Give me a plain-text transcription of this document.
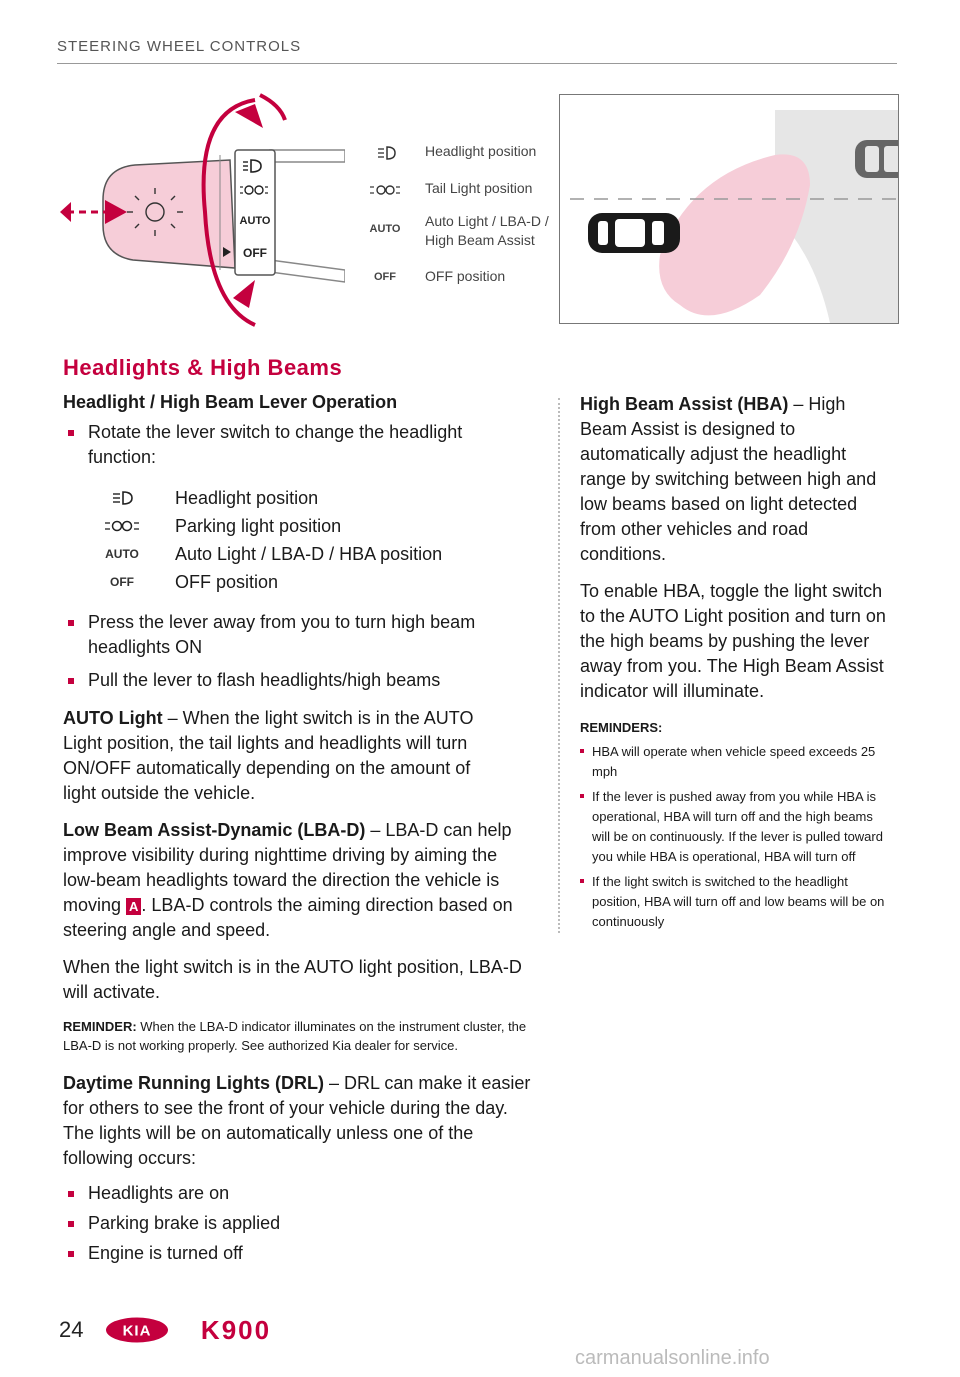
STEERING WHEEL CONTROLS
AUTO
OFF
Headlight position
Tail Light position
AUTO	Auto Light / LBA-D /
High Beam Assist
OFF	OFF position
Headlights & High Beams

Headlight / High Beam Lever Operation

Rotate the lever switch to change the headlight function:

Headlight position
Parking light position
AUTO	Auto Light / LBA-D / HBA position
OFF	OFF position

Press the lever away from you to turn high beam headlights ON

Pull the lever to flash headlights/high beams

AUTO Light – When the light switch is in the AUTO Light position, the tail lights and headlights will turn ON/OFF automatically depending on the amount of light outside the vehicle.

Low Beam Assist-Dynamic (LBA-D) – LBA-D can help improve visibility during nighttime driving by aiming the low-beam headlights toward the direction the vehicle is moving A . LBA-D controls the aiming direction based on steering angle and speed.

When the light switch is in the AUTO light position, LBA-D will activate.

REMINDER: When the LBA-D indicator illuminates on the instrument cluster, the LBA-D is not working properly. See authorized Kia dealer for service.

Daytime Running Lights (DRL) – DRL can make it easier for others to see the front of your vehicle during the day. The lights will be on automatically unless one of the following occurs:

Headlights are on

Parking brake is applied

Engine is turned off

High Beam Assist (HBA) – High Beam Assist is designed to automatically adjust the headlight range by switching between high and low beams based on light detected from other vehicles and road conditions.

To enable HBA, toggle the light switch to the AUTO Light position and turn on the high beams by pushing the lever away from you. The High Beam Assist indicator will illuminate.

REMINDERS:

HBA will operate when vehicle speed exceeds 25 mph

If the lever is pushed away from you while HBA is operational, HBA will turn off and the high beams will be on continuously. If the lever is pulled toward you while HBA is operational, HBA will turn off

If the light switch is switched to the headlight position, HBA will turn off and low beams will be on continuously

24	KIA K900
carmanualsonline.info
